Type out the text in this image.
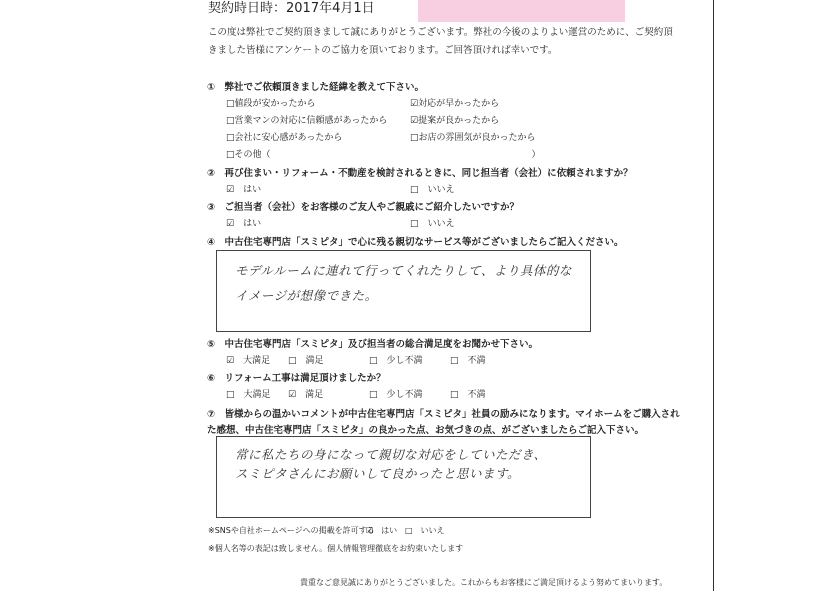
契約時日時：2017年4月1日
この度は弊社でご契約頂きまして誠にありがとうございます。弊社の今後のよりよい運営のために、ご契約頂
きました皆様にアンケートのご協力を頂いております。ご回答頂ければ幸いです。
①　弊社でご依頼頂きました経緯を教えて下さい。
□値段が安かったから	☑対応が早かったから
□営業マンの対応に信頼感があったから	☑提案が良かったから
□会社に安心感があったから	□お店の雰囲気が良かったから
□その他（　　　　　　　　　　　　　　　　　　　　　　　　　　　　　）
②　再び住まい・リフォーム・不動産を検討されるときに、同じ担当者（会社）に依頼されますか？
☑　はい	□　いいえ
③　ご担当者（会社）をお客様のご友人やご親戚にご紹介したいですか？
☑　はい	□　いいえ
④　中古住宅専門店「スミピタ」で心に残る親切なサービス等がございましたらご記入ください。
モデルルームに連れて行ってくれたりして、より具体的な
イメージが想像できた。
⑤　中古住宅専門店「スミピタ」及び担当者の総合満足度をお聞かせ下さい。
☑　大満足 □　満足	□　少し不満	□　不満
⑥　リフォーム工事は満足頂けましたか？
□　大満足 ☑　満足	□　少し不満	□　不満
⑦　皆様からの温かいコメントが中古住宅専門店「スミピタ」社員の励みになります。マイホームをご購入され
た感想、中古住宅専門店「スミピタ」の良かった点、お気づきの点、がございましたらご記入下さい。
常に私たちの身になって親切な対応をしていただき、
スミピタさんにお願いして良かったと思います。
※SNSや自社ホームページへの掲載を許可する
☑　はい □　いいえ
※個人名等の表記は致しません。個人情報管理徹底をお約束いたします
貴重なご意見誠にありがとうございました。これからもお客様にご満足頂けるよう努めてまいります。
